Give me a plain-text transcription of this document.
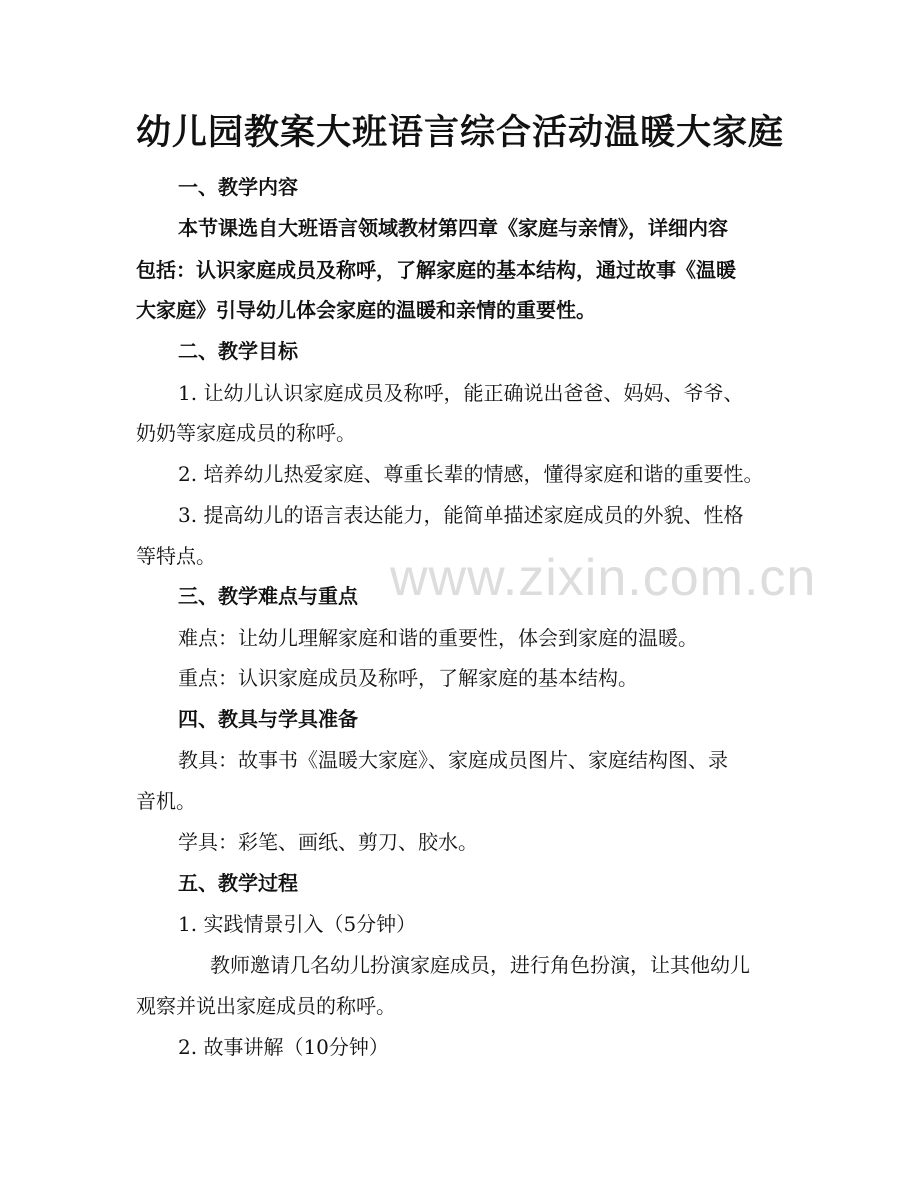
www.zixin.com.cn
幼儿园教案大班语言综合活动温暖大家庭
一、教学内容
本节课选自大班语言领域教材第四章《家庭与亲情》，详细内容
包括：认识家庭成员及称呼，了解家庭的基本结构，通过故事《温暖
大家庭》引导幼儿体会家庭的温暖和亲情的重要性。
二、教学目标
1. 让幼儿认识家庭成员及称呼，能正确说出爸爸、妈妈、爷爷、
奶奶等家庭成员的称呼。
2. 培养幼儿热爱家庭、尊重长辈的情感，懂得家庭和谐的重要性。
3. 提高幼儿的语言表达能力，能简单描述家庭成员的外貌、性格
等特点。
三、教学难点与重点
难点：让幼儿理解家庭和谐的重要性，体会到家庭的温暖。
重点：认识家庭成员及称呼，了解家庭的基本结构。
四、教具与学具准备
教具：故事书《温暖大家庭》、家庭成员图片、家庭结构图、录
音机。
学具：彩笔、画纸、剪刀、胶水。
五、教学过程
1. 实践情景引入（5分钟）
教师邀请几名幼儿扮演家庭成员，进行角色扮演，让其他幼儿
观察并说出家庭成员的称呼。
2. 故事讲解（10分钟）
